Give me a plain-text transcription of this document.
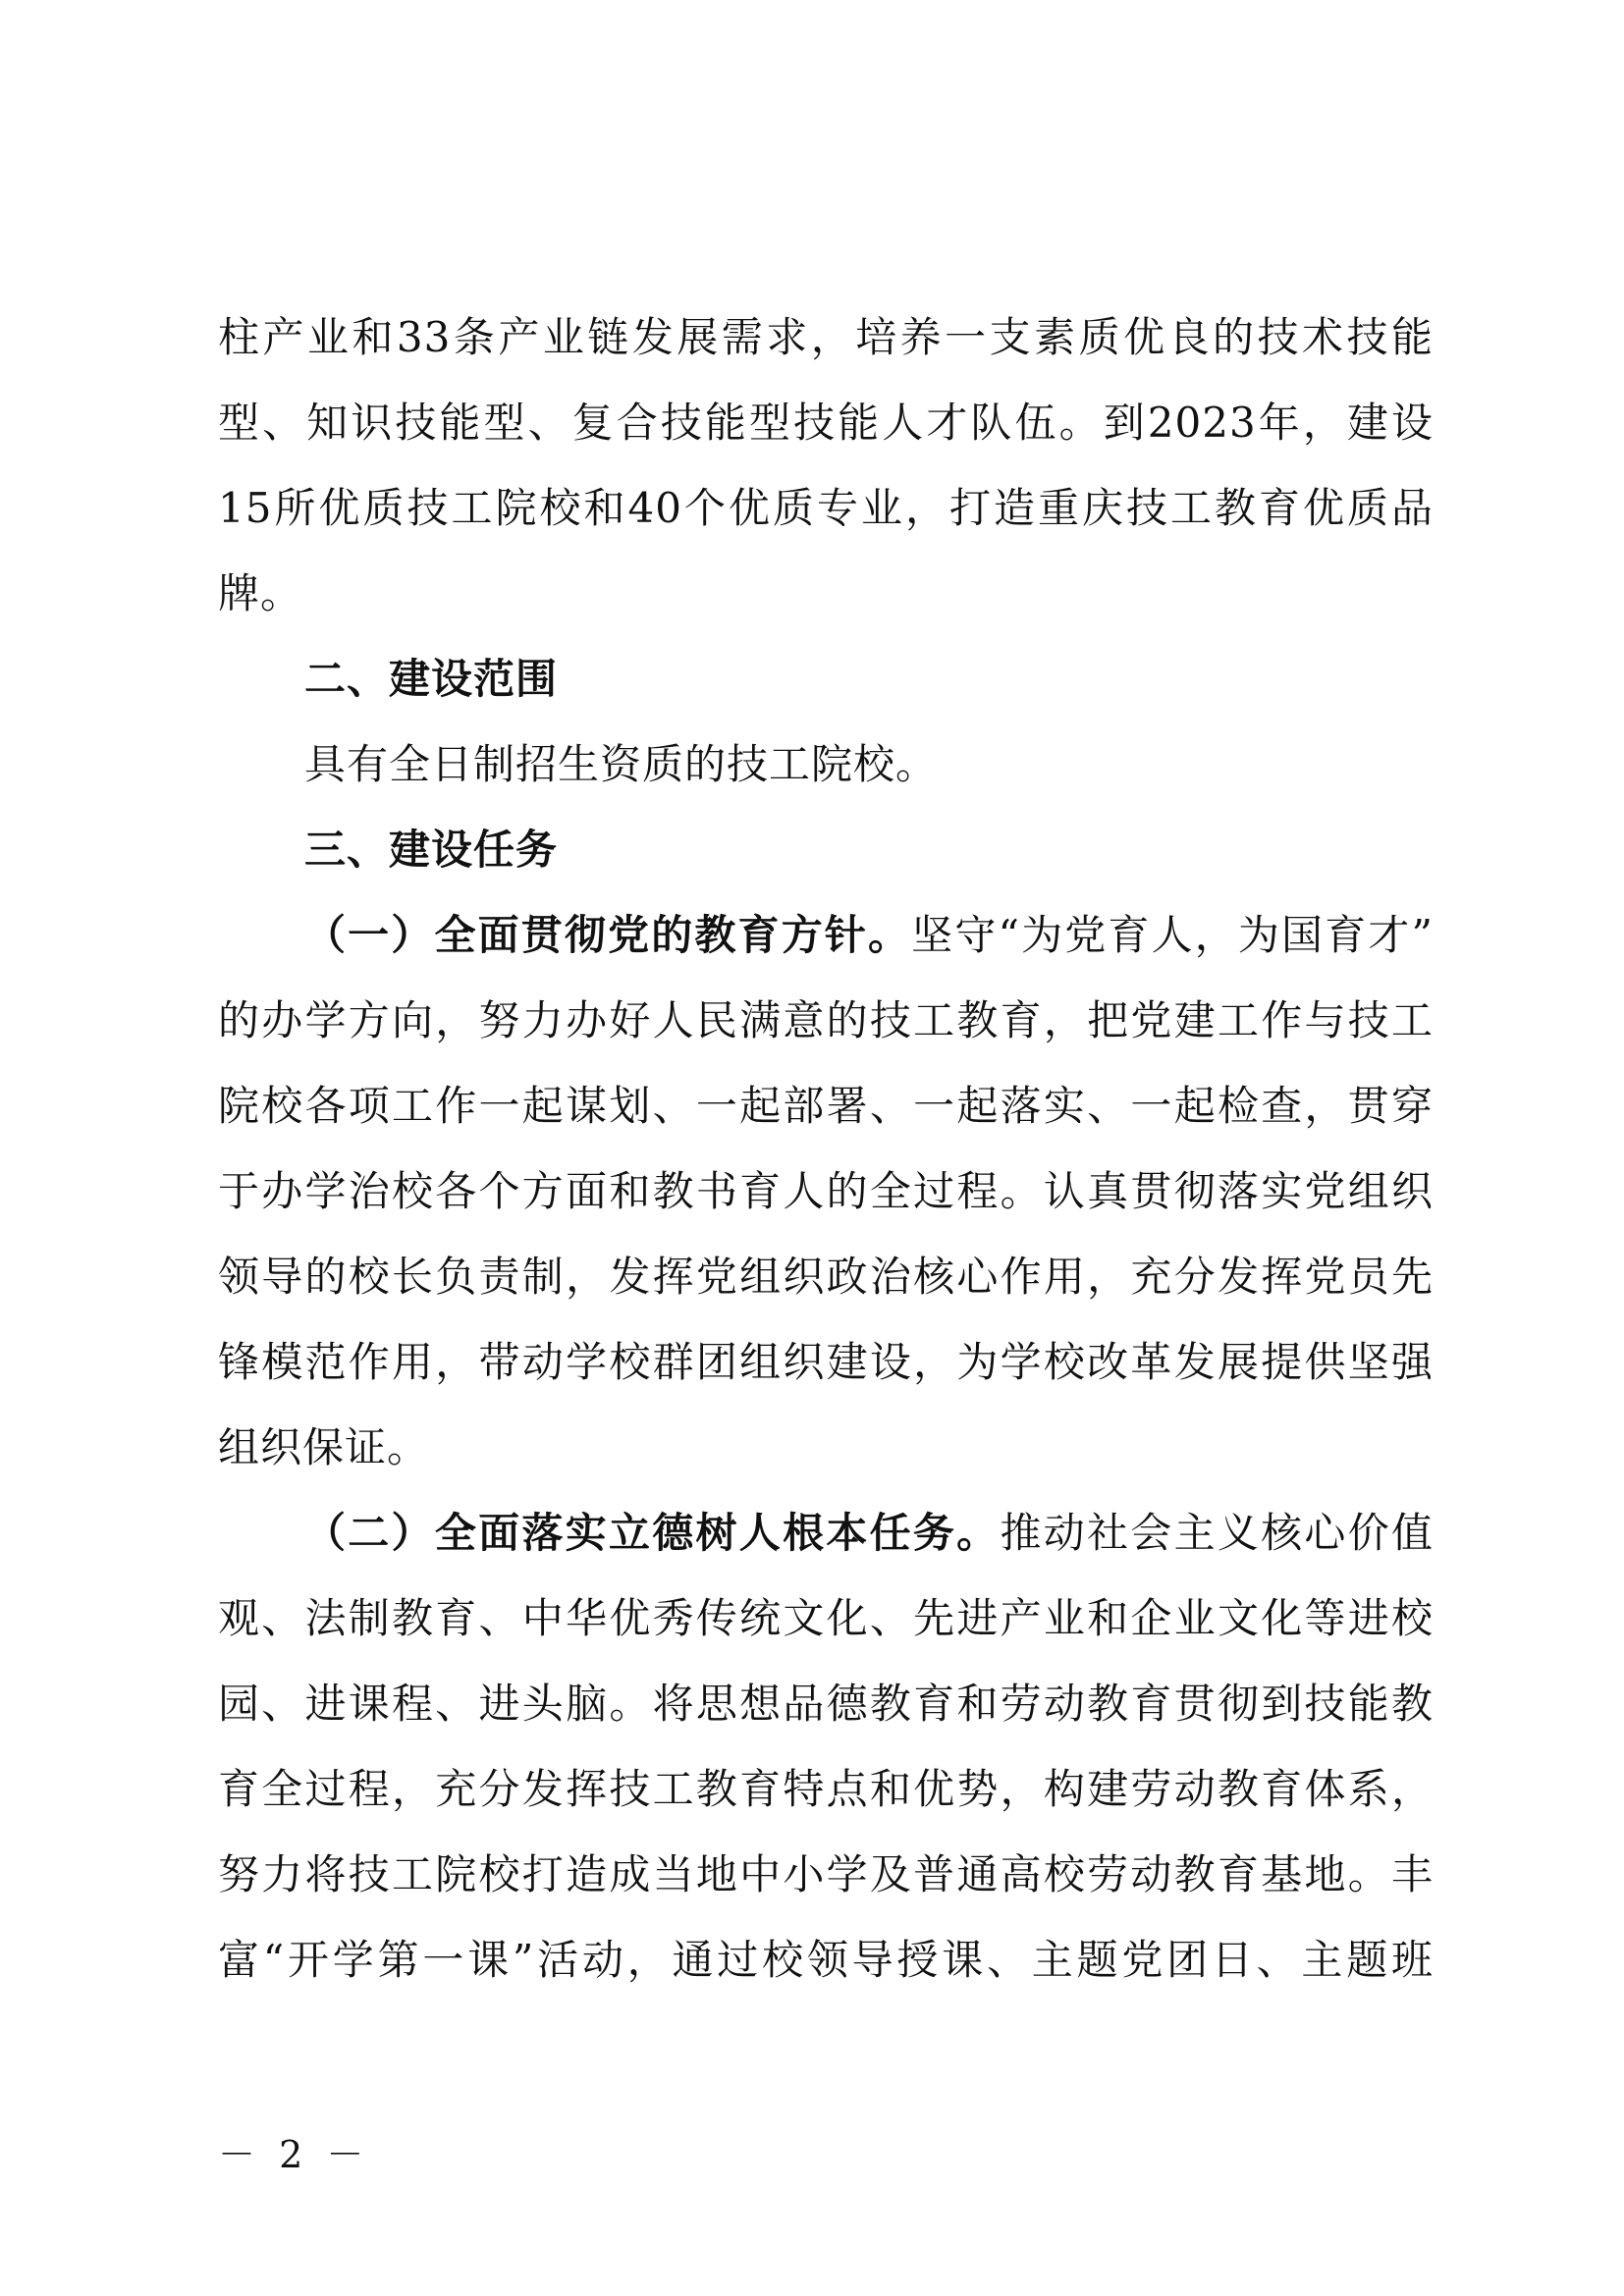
柱产业和33条产业链发展需求，培养一支素质优良的技术技能
型、知识技能型、复合技能型技能人才队伍。到2023年，建设
15所优质技工院校和40个优质专业，打造重庆技工教育优质品
牌。
二、建设范围
具有全日制招生资质的技工院校。
三、建设任务
（一）全面贯彻党的教育方针。坚守“为党育人，为国育才”
的办学方向，努力办好人民满意的技工教育，把党建工作与技工
院校各项工作一起谋划、一起部署、一起落实、一起检查，贯穿
于办学治校各个方面和教书育人的全过程。认真贯彻落实党组织
领导的校长负责制，发挥党组织政治核心作用，充分发挥党员先
锋模范作用，带动学校群团组织建设，为学校改革发展提供坚强
组织保证。
（二）全面落实立德树人根本任务。推动社会主义核心价值
观、法制教育、中华优秀传统文化、先进产业和企业文化等进校
园、进课程、进头脑。将思想品德教育和劳动教育贯彻到技能教
育全过程，充分发挥技工教育特点和优势，构建劳动教育体系，
努力将技工院校打造成当地中小学及普通高校劳动教育基地。丰
富“开学第一课”活动，通过校领导授课、主题党团日、主题班
－ 2 －
